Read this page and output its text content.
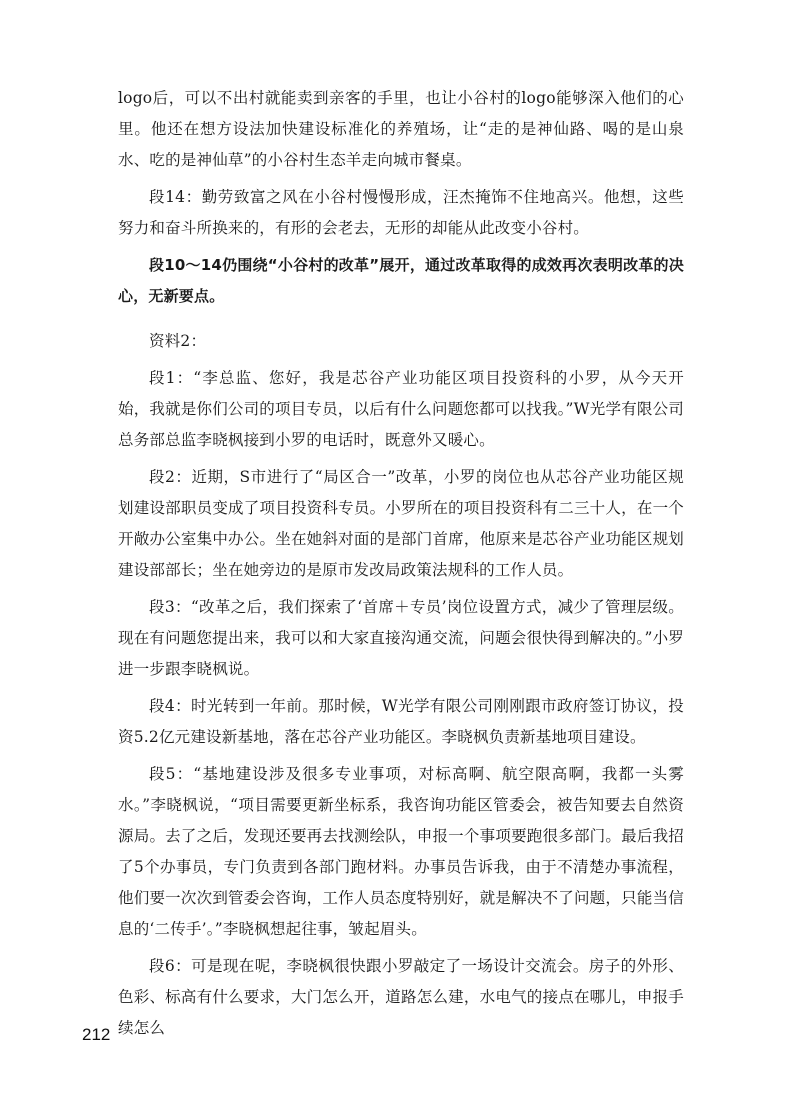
logo后，可以不出村就能卖到亲客的手里，也让小谷村的logo能够深入他们的心里。他还在想方设法加快建设标准化的养殖场，让“走的是神仙路、喝的是山泉水、吃的是神仙草”的小谷村生态羊走向城市餐桌。

段14：勤劳致富之风在小谷村慢慢形成，汪杰掩饰不住地高兴。他想，这些努力和奋斗所换来的，有形的会老去，无形的却能从此改变小谷村。

段10～14仍围绕“小谷村的改革”展开，通过改革取得的成效再次表明改革的决心，无新要点。

资料2：

段1：“李总监、您好，我是芯谷产业功能区项目投资科的小罗，从今天开始，我就是你们公司的项目专员，以后有什么问题您都可以找我。”W光学有限公司总务部总监李晓枫接到小罗的电话时，既意外又暖心。

段2：近期，S市进行了“局区合一”改革，小罗的岗位也从芯谷产业功能区规划建设部职员变成了项目投资科专员。小罗所在的项目投资科有二三十人，在一个开敞办公室集中办公。坐在她斜对面的是部门首席，他原来是芯谷产业功能区规划建设部部长；坐在她旁边的是原市发改局政策法规科的工作人员。

段3：“改革之后，我们探索了‘首席＋专员’岗位设置方式，减少了管理层级。现在有问题您提出来，我可以和大家直接沟通交流，问题会很快得到解决的。”小罗进一步跟李晓枫说。

段4：时光转到一年前。那时候，W光学有限公司刚刚跟市政府签订协议，投资5.2亿元建设新基地，落在芯谷产业功能区。李晓枫负责新基地项目建设。

段5：“基地建设涉及很多专业事项，对标高啊、航空限高啊，我都一头雾水。”李晓枫说，“项目需要更新坐标系，我咨询功能区管委会，被告知要去自然资源局。去了之后，发现还要再去找测绘队，申报一个事项要跑很多部门。最后我招了5个办事员，专门负责到各部门跑材料。办事员告诉我，由于不清楚办事流程，他们要一次次到管委会咨询，工作人员态度特别好，就是解决不了问题，只能当信息的‘二传手’。”李晓枫想起往事，皱起眉头。

段6：可是现在呢，李晓枫很快跟小罗敲定了一场设计交流会。房子的外形、色彩、标高有什么要求，大门怎么开，道路怎么建，水电气的接点在哪儿，申报手续怎么

212
